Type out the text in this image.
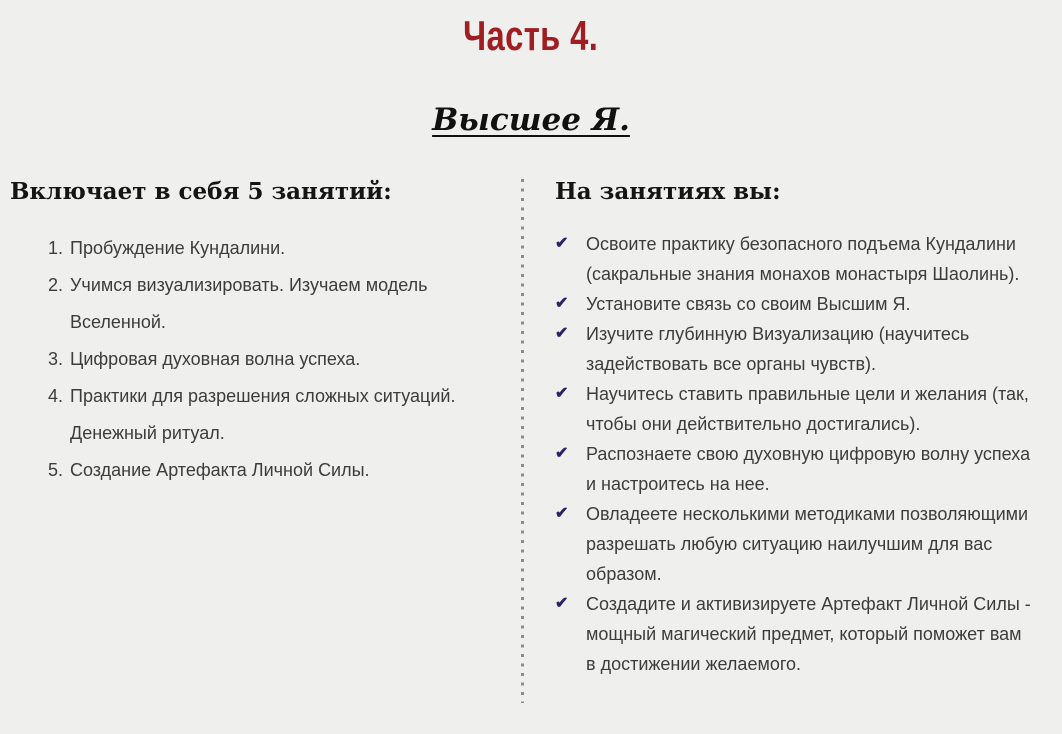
Часть 4.
Высшее Я.
Включает в себя 5 занятий:
1. Пробуждение Кундалини.
2. Учимся визуализировать. Изучаем модель Вселенной.
3. Цифровая духовная волна успеха.
4. Практики для разрешения сложных ситуаций. Денежный ритуал.
5. Создание Артефакта Личной Силы.
На занятиях вы:
✔ Освоите практику безопасного подъема Кундалини (сакральные знания монахов монастыря Шаолинь).
✔ Установите связь со своим Высшим Я.
✔ Изучите глубинную Визуализацию (научитесь задействовать все органы чувств).
✔ Научитесь ставить правильные цели и желания (так, чтобы они действительно достигались).
✔ Распознаете свою духовную цифровую волну успеха и настроитесь на нее.
✔ Овладеете несколькими методиками позволяющими разрешать любую ситуацию наилучшим для вас образом.
✔ Создадите и активизируете Артефакт Личной Силы - мощный магический предмет, который поможет вам в достижении желаемого.
